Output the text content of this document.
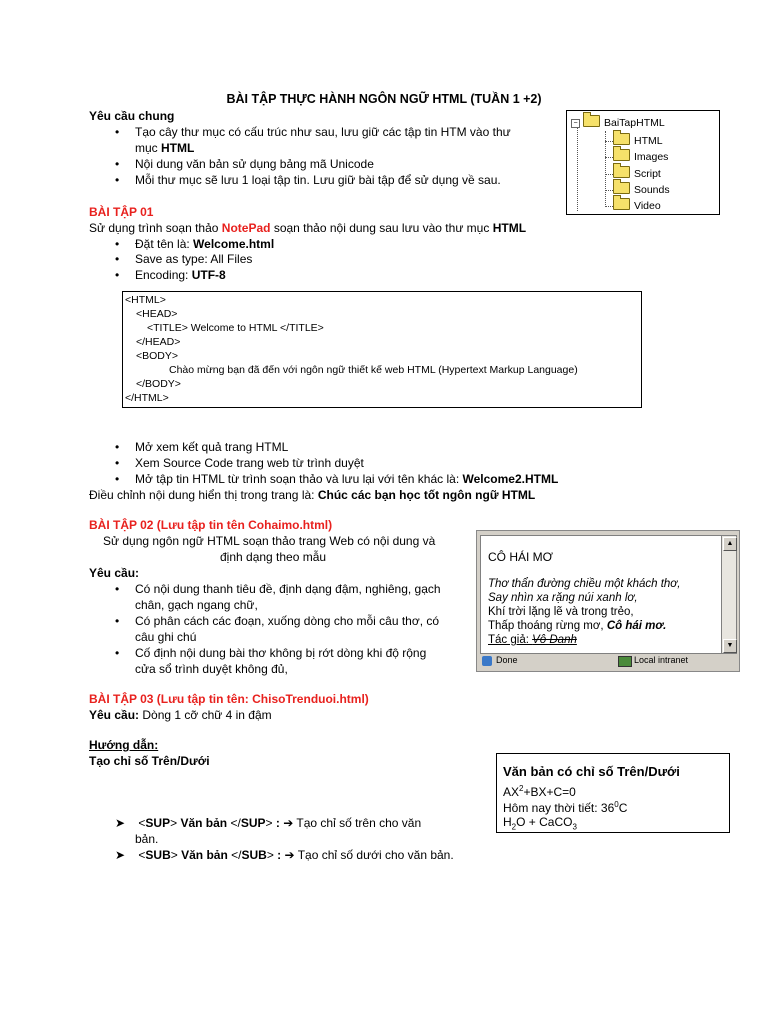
BÀI TẬP THỰC HÀNH NGÔN NGỮ HTML (TUẦN 1 +2)
Yêu cầu chung
Tạo cây thư mục có cấu trúc như sau, lưu giữ các tập tin HTM vào thư
mục HTML
Nội dung văn bản sử dụng bảng mã Unicode
Mỗi thư mục sẽ lưu 1 loại tập tin. Lưu giữ bài tập để sử dụng về sau.
−	BaiTapHTML
HTML
Images
Script
Sounds
Video
BÀI TẬP 01
Sử dụng trình soạn thảo NotePad soạn thảo nội dung sau lưu vào thư mục HTML
Đặt tên là: Welcome.html
Save as type: All Files
Encoding: UTF-8
<HTML>
<HEAD>
<TITLE> Welcome to HTML </TITLE>
</HEAD>
<BODY>
Chào mừng bạn đã đến với ngôn ngữ thiết kế web HTML (Hypertext Markup Language)
</BODY>
</HTML>
Mở xem kết quả trang HTML
Xem Source Code trang web từ trình duyệt
Mở tập tin HTML từ trình soạn thảo và lưu lại với tên khác là: Welcome2.HTML
Điều chỉnh nội dung hiển thị trong trang là: Chúc các bạn học tốt ngôn ngữ HTML
BÀI TẬP 02 (Lưu tập tin tên Cohaimo.html)
Sử dụng ngôn ngữ HTML soạn thảo trang Web có nội dung và
định dạng theo mẫu
Yêu cầu:
Có nội dung thanh tiêu đề, định dạng đậm, nghiêng, gạch
chân, gạch ngang chữ,
Có phân cách các đoạn, xuống dòng cho mỗi câu thơ, có
câu ghi chú
Cố định nội dung bài thơ không bị rớt dòng khi độ rộng
cửa sổ trình duyệt không đủ,
CÔ HÁI MƠ
Thơ thẩn đường chiều một khách thơ,
Say nhìn xa rặng núi xanh lơ,
Khí trời lặng lẽ và trong trẻo,
Thấp thoáng rừng mơ, Cô hái mơ.
Tác giả: Vô Danh
▲
▼
Done	Local intranet
BÀI TẬP 03 (Lưu tập tin tên: ChisoTrenduoi.html)
Yêu cầu: Dòng 1 cỡ chữ 4 in đậm
Hướng dẫn:
Tạo chỉ số Trên/Dưới
Văn bản có chỉ số Trên/Dưới
$AX^2+BX+C=0$
Hôm nay thời tiết: $36^0C$
$H_2O$ + CaCO$_3$
➤ <SUP> Văn bản </SUP> : ➔ Tạo chỉ số trên cho văn
bản.
➤ <SUB> Văn bản </SUB> : ➔ Tạo chỉ số dưới cho văn bản.
